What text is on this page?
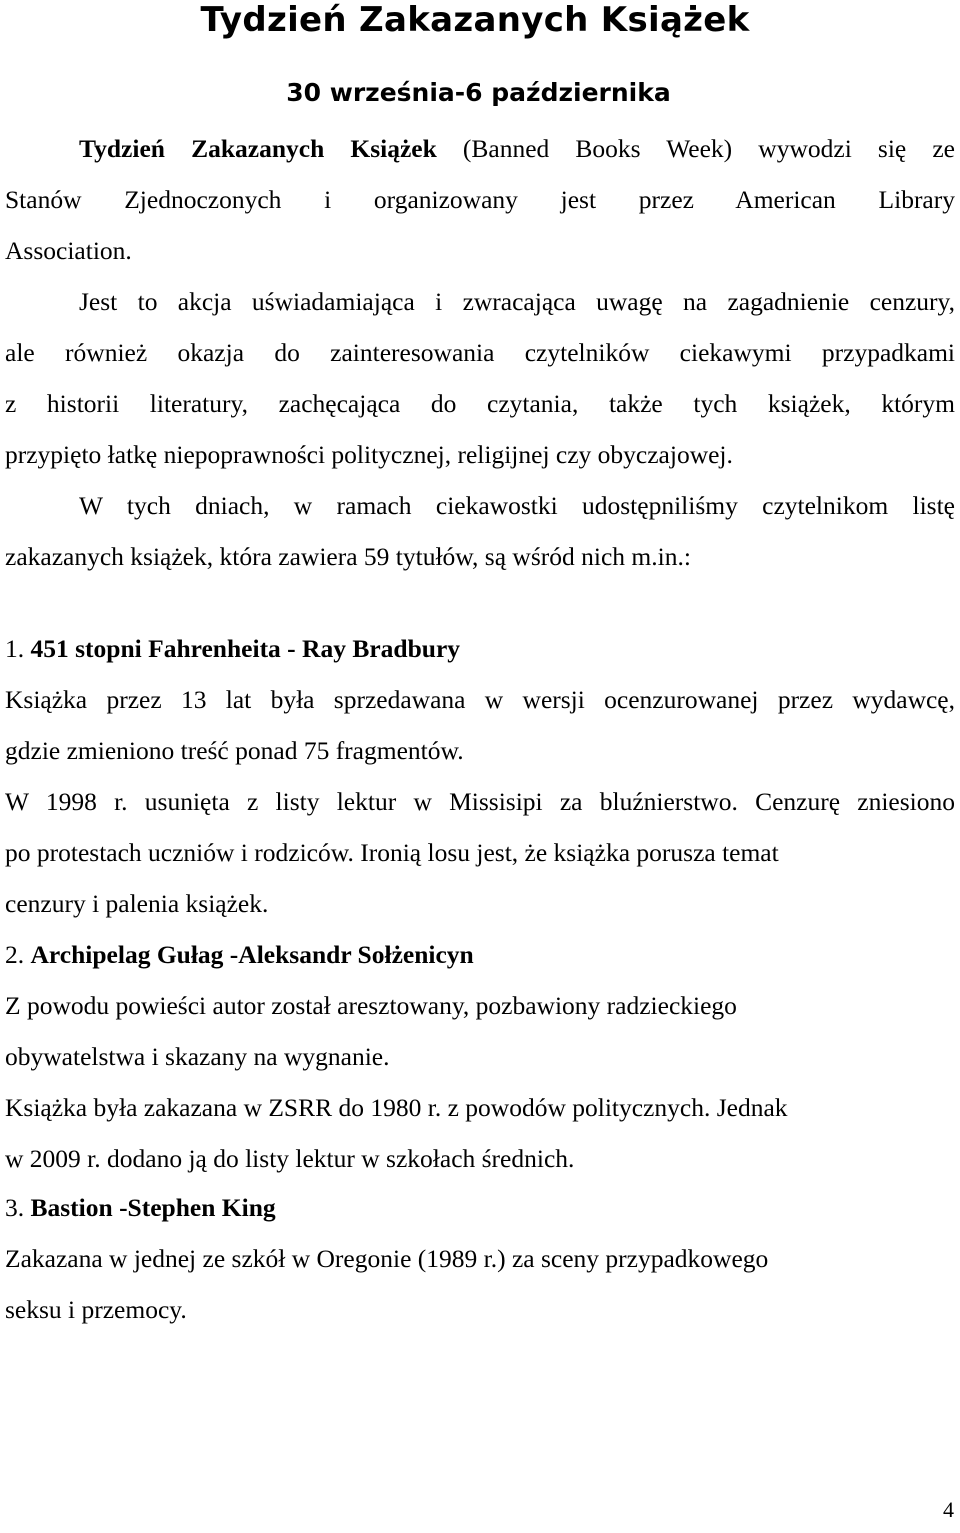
Tydzień Zakazanych Książek
30 września-6 października
Tydzień Zakazanych Książek (Banned Books Week) wywodzi się ze
Stanów Zjednoczonych i organizowany jest przez American Library
Association.
Jest to akcja uświadamiająca i zwracająca uwagę na zagadnienie cenzury,
ale również okazja do zainteresowania czytelników ciekawymi przypadkami
z historii literatury, zachęcająca do czytania, także tych książek, którym
przypięto łatkę niepoprawności politycznej, religijnej czy obyczajowej.
W tych dniach, w ramach ciekawostki udostępniliśmy czytelnikom listę
zakazanych książek, która zawiera 59 tytułów, są wśród nich m.in.:
1. 451 stopni Fahrenheita - Ray Bradbury
Książka przez 13 lat była sprzedawana w wersji ocenzurowanej przez wydawcę,
gdzie zmieniono treść ponad 75 fragmentów.
W 1998 r. usunięta z listy lektur w Missisipi za bluźnierstwo. Cenzurę zniesiono
po protestach uczniów i rodziców. Ironią losu jest, że książka porusza temat
cenzury i palenia książek.
2. Archipelag Gułag -Aleksandr Sołżenicyn
Z powodu powieści autor został aresztowany, pozbawiony radzieckiego
obywatelstwa i skazany na wygnanie.
Książka była zakazana w ZSRR do 1980 r. z powodów politycznych. Jednak
w 2009 r. dodano ją do listy lektur w szkołach średnich.
3. Bastion -Stephen King
Zakazana w jednej ze szkół w Oregonie (1989 r.) za sceny przypadkowego
seksu i przemocy.
4
